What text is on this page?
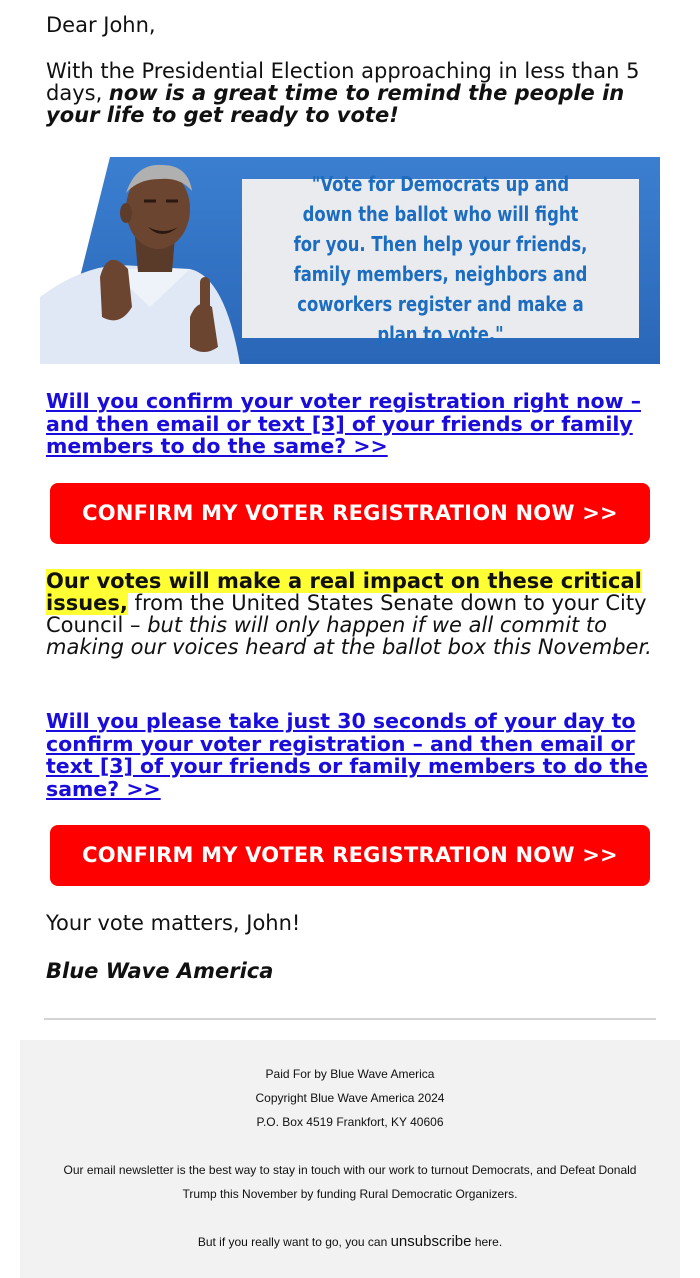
Dear John,

With the Presidential Election approaching in less than 5 days, now is a great time to remind the people in your life to get ready to vote!

"Vote for Democrats up and down the ballot who will fight for you. Then help your friends, family members, neighbors and coworkers register and make a plan to vote."
Will you confirm your voter registration right now – and then email or text [3] of your friends or family members to do the same? >>
CONFIRM MY VOTER REGISTRATION NOW >>

Our votes will make a real impact on these critical issues, from the United States Senate down to your City Council – but this will only happen if we all commit to making our voices heard at the ballot box this November.

Will you please take just 30 seconds of your day to confirm your voter registration – and then email or text [3] of your friends or family members to do the same? >>
CONFIRM MY VOTER REGISTRATION NOW >>

Your vote matters, John!

Blue Wave America

Paid For by Blue Wave America

Copyright Blue Wave America 2024

P.O. Box 4519 Frankfort, KY 40606

Our email newsletter is the best way to stay in touch with our work to turnout Democrats, and Defeat Donald Trump this November by funding Rural Democratic Organizers.

But if you really want to go, you can unsubscribe here.
